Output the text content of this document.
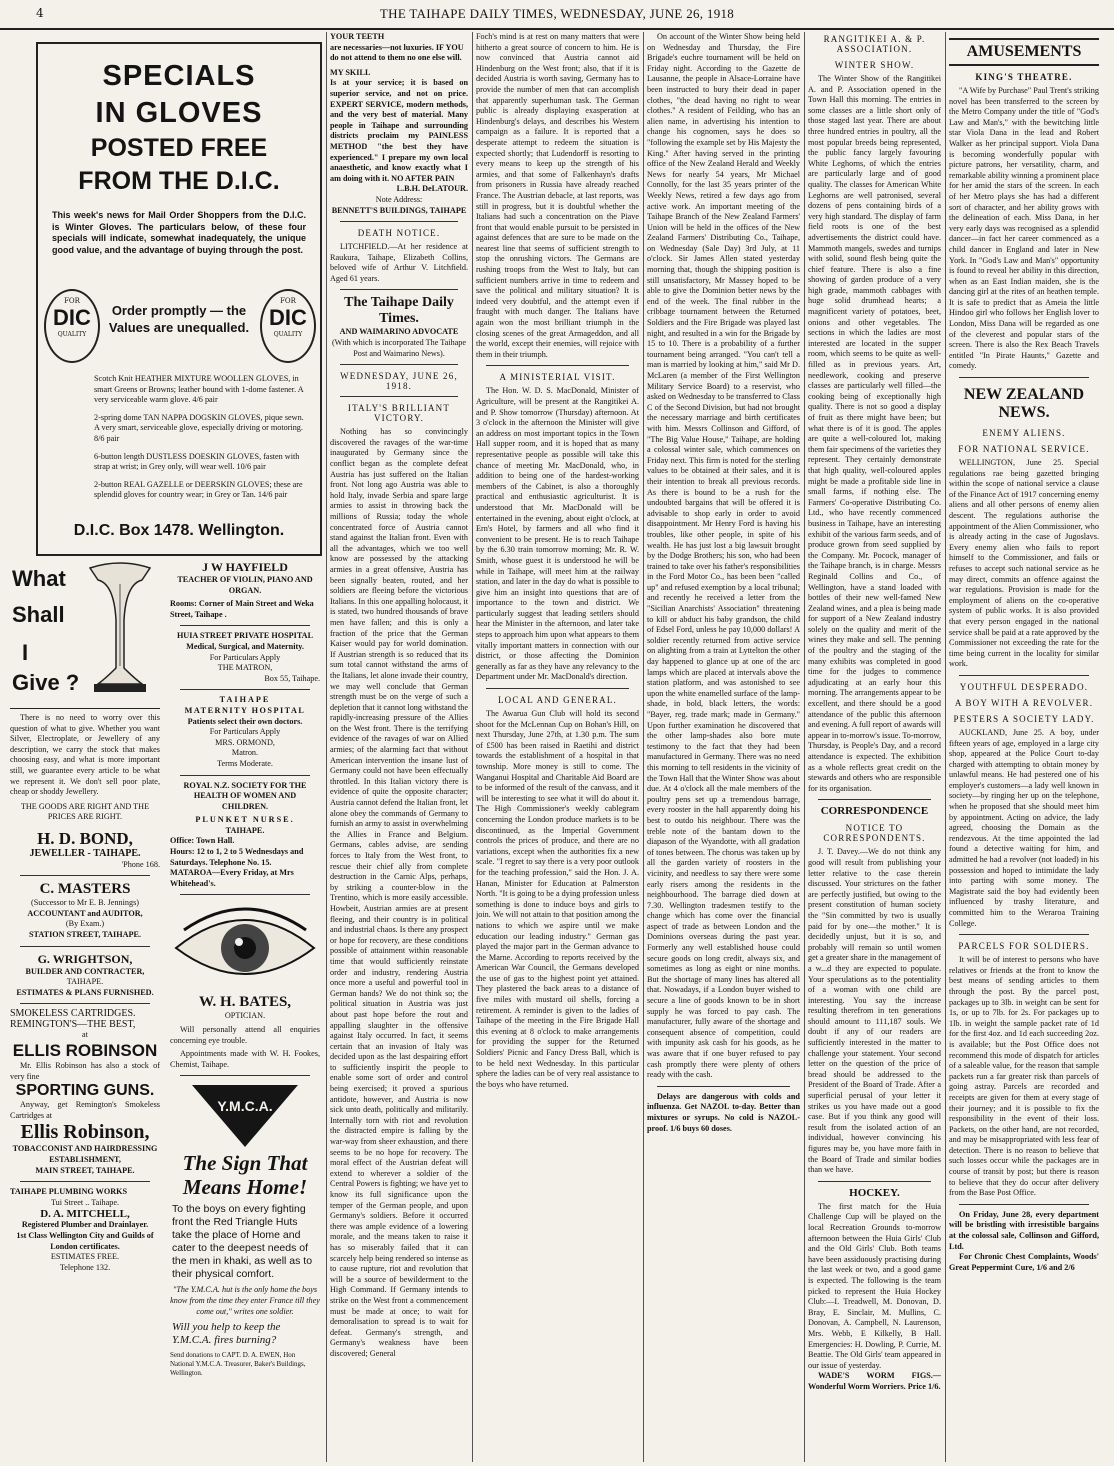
4	THE TAIHAPE DAILY TIMES, WEDNESDAY, JUNE 26, 1918
SPECIALS
IN GLOVES
POSTED FREE
FROM THE D.I.C.

This week's news for Mail Order Shoppers from the D.I.C. is Winter Gloves. The particulars below, of these four specials will indicate, somewhat inadequately, the unique good value, and the advantage of buying through the post.

FOR
DIC
QUALITY
FOR
DIC
QUALITY
Order promptly — the Values are unequalled.

Scotch Knit HEATHER MIXTURE WOOLLEN GLOVES, in smart Greens or Browns; leather bound with 1-dome fastener. A very serviceable warm glove. 4/6 pair

2-spring dome TAN NAPPA DOGSKIN GLOVES, pique sewn. A very smart, serviceable glove, especially driving or motoring. 8/6 pair

6-button length DUSTLESS DOESKIN GLOVES, fasten with strap at wrist; in Grey only, will wear well. 10/6 pair

2-button REAL GAZELLE or DEERSKIN GLOVES; these are splendid gloves for country wear; in Grey or Tan. 14/6 pair

D.I.C. Box 1478. Wellington.
What
Shall
I
Give ?

There is no need to worry over this question of what to give. Whether you want Silver, Electroplate, or Jewellery of any description, we carry the stock that makes choosing easy, and what is more important still, we guarantee every article to be what we represent it. We don't sell poor plate, cheap or shoddy Jewellery.

THE GOODS ARE RIGHT AND THE PRICES ARE RIGHT.

H. D. BOND,
JEWELLER - TAIHAPE.
'Phone 168.
C. MASTERS
(Successor to Mr E. B. Jennings)
ACCOUNTANT and AUDITOR,
(By Exam.)
STATION STREET, TAIHAPE.
G. WRIGHTSON,
BUILDER AND CONTRACTER,
TAIHAPE.
ESTIMATES & PLANS FURNISHED.
SMOKELESS CARTRIDGES.
REMINGTON'S—THE BEST,
at
ELLIS ROBINSON

Mr. Ellis Robinson has also a stock of very fine

SPORTING GUNS.

Anyway, get Remington's Smokeless Cartridges at

Ellis Robinson,
TOBACCONIST AND HAIRDRESSING ESTABLISHMENT,
MAIN STREET, TAIHAPE.
TAIHAPE PLUMBING WORKS
Tui Street .. Taihape.
D. A. MITCHELL,
Registered Plumber and Drainlayer.
1st Class Wellington City and Guilds of London certificates.
ESTIMATES FREE.
Telephone 132.
J W HAYFIELD
TEACHER OF VIOLIN, PIANO AND ORGAN.
Rooms: Corner of Main Street and Weka Street, Taihape .
HUIA STREET PRIVATE HOSPITAL
Medical, Surgical, and Maternity.
For Particulars Apply
THE MATRON,
Box 55, Taihape.
TAIHAPE
MATERNITY HOSPITAL
Patients select their own doctors.
For Particulars Apply
MRS. ORMOND,
Matron.
Terms Moderate.
ROYAL N.Z. SOCIETY FOR THE HEALTH OF WOMEN AND CHILDREN.
PLUNKET NURSE.
TAIHAPE.
Office: Town Hall.
Hours: 12 to 1, 2 to 5 Wednesdays and Saturdays. Telephone No. 15.
MATAROA—Every Friday, at Mrs Whitehead's.
W. H. BATES,
OPTICIAN.

Will personally attend all enquiries concerning eye trouble.

Appointments made with W. H. Fookes, Chemist, Taihape.

Y.M.C.A.
The Sign That
Means Home!

To the boys on every fighting front the Red Triangle Huts take the place of Home and cater to the deepest needs of the men in khaki, as well as to their physical comfort.

"The Y.M.C.A. hut is the only home the boys know from the time they enter France till they come out," writes one soldier.

Will you help to keep the Y.M.C.A. fires burning?

Send donations to CAPT. D. A. EWEN, Hon National Y.M.C.A. Treasurer, Baker's Buildings, Wellington.

YOUR TEETH

are necessaries—not luxuries. IF YOU do not attend to them no one else will.

MY SKILL

Is at your service; it is based on superior service, and not on price. EXPERT SERVICE, modern methods, and the very best of material. Many people in Taihape and surrounding districts proclaim my PAINLESS METHOD "the best they have experienced." I prepare my own local anaesthetic, and know exactly what I am doing with it. NO AFTER PAIN

L.B.H. DeLATOUR.
Note Address:
BENNETT'S BUILDINGS, TAIHAPE
DEATH NOTICE.

LITCHFIELD.—At her residence at Raukura, Taihape, Elizabeth Collins, beloved wife of Arthur V. Litchfield. Aged 61 years.

The Taihape Daily Times.
AND WAIMARINO ADVOCATE
(With which is incorporated The Taihape Post and Waimarino News).
WEDNESDAY, JUNE 26, 1918.
ITALY'S BRILLIANT VICTORY.

Nothing has so convincingly discovered the ravages of the war-time inaugurated by Germany since the conflict began as the complete defeat Austria has just suffered on the Italian front. Not long ago Austria was able to hold Italy, invade Serbia and spare large armies to assist in throwing back the millions of Russia; today the whole concentrated force of Austria cannot stand against the Italian front. Even with all the advantages, which we too well know are possessed by the attacking armies in a great offensive, Austria has been signally beaten, routed, and her soldiers are fleeing before the victorious Italians. In this one appalling holocaust, it is stated, two hundred thousands of brave men have fallen; and this is only a fraction of the price that the German Kaiser would pay for world domination. If Austrian strength is so reduced that its sum total cannot withstand the arms of the Italians, let alone invade their country, we may well conclude that German strength must be on the verge of such a depletion that it cannot long withstand the rapidly-increasing pressure of the Allies on the West front. There is the terrifying evidence of the ravages of war on Allied armies; of the alarming fact that without American intervention the insane lust of Germany could not have been effectually throttled. In this Italian victory there is evidence of quite the opposite character; Austria cannot defend the Italian front, let alone obey the commands of Germany to furnish an army to assist in overwhelming the Allies in France and Belgium. Germans, cables advise, are sending forces to Italy from the West front, to rescue their chief ally from complete destruction in the Carnic Alps, perhaps, by striking a counter-blow in the Trentino, which is more easily accessible. Howbeit, Austrian armies are at present fleeing, and their country is in political and industrial chaos. Is there any prospect or hope for recovery, are these conditions possible of attainment within reasonable time that would sufficiently reinstate order and industry, rendering Austria once more a useful and powerful tool in German hands? We do not think so; the political situation in Austria was just about past hope before the rout and appalling slaughter in the offensive against Italy occurred. In fact, it seems certain that an invasion of Italy was decided upon as the last despairing effort to sufficiently inspirit the people to enable some sort of order and control being exercised; it proved a spurious antidote, however, and Austria is now sick unto death, politically and militarily. Internally torn with riot and revolution the distracted empire is falling by the war-way from sheer exhaustion, and there seems to be no hope for recovery. The moral effect of the Austrian defeat will extend to wherever a soldier of the Central Powers is fighting; we have yet to know its full significance upon the temper of the German people, and upon Germany's soldiers. Before it occurred there was ample evidence of a lowering morale, and the means taken to raise it has so miserably failed that it can scarcely help being rendered so intense as to cause rupture, riot and revolution that will be a source of bewilderment to the High Command. If Germany intends to strike on the West front a commencement must be made at once; to wait for demoralisation to spread is to wait for defeat. Germany's strength, and Germany's weakness have been discovered; General

Foch's mind is at rest on many matters that were hitherto a great source of concern to him. He is now convinced that Austria cannot aid Hindenburg on the West front; also, that if it is decided Austria is worth saving, Germany has to provide the number of men that can accomplish that apparently superhuman task. The German public is already displaying exasperation at Hindenburg's delays, and describes his Western campaign as a failure. It is reported that a desperate attempt to redeem the situation is expected shortly; that Ludendorff is resorting to every means to keep up the strength of his armies, and that some of Falkenhayn's drafts from prisoners in Russia have already reached France. The Austrian debacle, at last reports, was still in progress, but it is doubtful whether the Italians had such a concentration on the Piave front that would enable pursuit to be persisted in against defences that are sure to be made on the nearest line that seems of sufficient strength to stop the onrushing victors. The Germans are rushing troops from the West to Italy, but can sufficient numbers arrive in time to redeem and save the political and military situation? It is indeed very doubtful, and the attempt even if fraught with much danger. The Italians have again won the most brilliant triumph in the closing scenes of the great Armageddon, and all the world, except their enemies, will rejoice with them in their triumph.

A MINISTERIAL VISIT.

The Hon. W. D. S. MacDonald, Minister of Agriculture, will be present at the Rangitikei A. and P. Show tomorrow (Thursday) afternoon. At 3 o'clock in the afternoon the Minister will give an address on most important topics in the Town Hall supper room, and it is hoped that as many representative people as possible will take this chance of meeting Mr. MacDonald, who, in addition to being one of the hardest-working members of the Cabinet, is also a thoroughly practical and enthusiastic agriculturist. It is understood that Mr. MacDonald will be entertained in the evening, about eight o'clock, at Ern's Hotel, by farmers and all who find it convenient to be present. He is to reach Taihape by the 6.30 train tomorrow morning; Mr. R. W. Smith, whose guest it is understood he will be while in Taihape, will meet him at the railway station, and later in the day do what is possible to give him an insight into questions that are of importance to the town and district. We particularly suggest that leading settlers should hear the Minister in the afternoon, and later take steps to approach him upon what appears to them vitally important matters in connection with our district, or those affecting the Dominion generally as far as they have any relevancy to the Department under Mr. MacDonald's direction.

LOCAL AND GENERAL.

The Awarua Gun Club will hold its second shoot for the McLennan Cup on Bohan's Hill, on next Thursday, June 27th, at 1.30 p.m. The sum of £500 has been raised in Raetihi and district towards the establishment of a hospital in that township. More money is still to come. The Wanganui Hospital and Charitable Aid Board are to be informed of the result of the canvass, and it will be interesting to see what it will do about it. The High Commissioner's weekly cablegram concerning the London produce markets is to be discontinued, as the Imperial Government controls the prices of produce, and there are no variations, except when the authorities fix a new scale. "I regret to say there is a very poor outlook for the teaching profession," said the Hon. J. A. Hanan, Minister for Education at Palmerston North. "It is going to be a dying profession unless something is done to induce boys and girls to join. We will not attain to that position among the nations to which we aspire until we make education our leading industry." German gas played the major part in the German advance to the Marne. According to reports received by the American War Council, the Germans developed the use of gas to the highest point yet attained. They plastered the back areas to a distance of five miles with mustard oil shells, forcing a retirement. A reminder is given to the ladies of Taihape of the meeting in the Fire Brigade Hall this evening at 8 o'clock to make arrangements for providing the supper for the Returned Soldiers' Picnic and Fancy Dress Ball, which is to be held next Wednesday. In this particular sphere the ladies can be of very real assistance to the boys who have returned.

On account of the Winter Show being held on Wednesday and Thursday, the Fire Brigade's euchre tournament will be held on Friday night. According to the Gazette de Lausanne, the people in Alsace-Lorraine have been instructed to bury their dead in paper clothes, "the dead having no right to wear clothes." A resident of Feilding, who has an alien name, in advertising his intention to change his cognomen, says he does so "following the example set by His Majesty the King." After having served in the printing office of the New Zealand Herald and Weekly News for nearly 54 years, Mr Michael Connolly, for the last 35 years printer of the Weekly News, retired a few days ago from active work. An important meeting of the Taihape Branch of the New Zealand Farmers' Union will be held in the offices of the New Zealand Farmers' Distributing Co., Taihape, on Wednesday (Sale Day) 3rd July, at 11 o'clock. Sir James Allen stated yesterday morning that, though the shipping position is still unsatisfactory, Mr Massey hoped to be able to give the Dominion better news by the end of the week. The final rubber in the cribbage tournament between the Returned Soldiers and the Fire Brigade was played last night, and resulted in a win for the Brigade by 15 to 10. There is a probability of a further tournament being arranged. "You can't tell a man is married by looking at him," said Mr D. McLaren (a member of the First Wellington Military Service Board) to a reservist, who asked on Wednesday to be transferred to Class C of the Second Division, but had not brought the necessary marriage and birth certificates with him. Messrs Collinson and Gifford, of "The Big Value House," Taihape, are holding a colossal winter sale, which commences on Friday next. This firm is noted for the sterling values to be obtained at their sales, and it is their intention to break all previous records. As there is bound to be a rush for the undoubted bargains that will be offered it is advisable to shop early in order to avoid disappointment. Mr Henry Ford is having his troubles, like other people, in spite of his wealth. He has just lost a big lawsuit brought by the Dodge Brothers; his son, who had been trained to take over his father's responsibilities in the Ford Motor Co., has been been "called up" and refused exemption by a local tribunal; and recently he received a letter from the "Sicilian Anarchists' Association" threatening to kill or abduct his baby grandson, the child of Edsel Ford, unless he pay 10,000 dollars! A soldier recently returned from active service on alighting from a train at Lyttelton the other day happened to glance up at one of the arc lamps which are placed at intervals above the station platform, and was astonished to see upon the white enamelled surface of the lamp-shade, in bold, black letters, the words: "Bayer, reg. trade mark; made in Germany." Upon further examination he discovered that the other lamp-shades also bore mute testimony to the fact that they had been manufactured in Germany. There was no need this morning to tell residents in the vicinity of the Town Hall that the Winter Show was about due. At 4 o'clock all the male members of the poultry pens set up a tremendous barrage, every rooster in the hall apparently doing his best to outdo his neighbour. There was the treble note of the bantam down to the diapason of the Wyandotte, with all gradation of tones between. The chorus was taken up by all the garden variety of roosters in the vicinity, and needless to say there were some early risers among the residents in the neighbourhood. The barrage died down at 7.30. Wellington tradesmen testify to the change which has come over the financial aspect of trade as between London and the Dominions overseas during the past year. Formerly any well established house could secure goods on long credit, always six, and sometimes as long as eight or nine months. But the shortage of many lines has altered all that. Nowadays, if a London buyer wished to secure a line of goods known to be in short supply he was forced to pay cash. The manufacturer, fully aware of the shortage and consequent absence of competition, could with impunity ask cash for his goods, as he was aware that if one buyer refused to pay cash promptly there were plenty of others ready with the cash.

Delays are dangerous with colds and influenza. Get NAZOL to-day. Better than mixtures or syrups. No cold is NAZOL-proof. 1/6 buys 60 doses.

RANGITIKEI A. & P. ASSOCIATION.
WINTER SHOW.

The Winter Show of the Rangitikei A. and P. Association opened in the Town Hall this morning. The entries in some classes are a little short only of those staged last year. There are about three hundred entries in poultry, all the most popular breeds being represented, the public fancy largely favouring White Leghorns, of which the entries are particularly large and of good quality. The classes for American White Leghorns are well patronised, several dozens of pens containing birds of a very high standard. The display of farm field roots is one of the best advertisements the district could have. Mammoth mangels, swedes and turnips with solid, sound flesh being quite the chief feature. There is also a fine showing of garden produce of a very high grade, mammoth cabbages with huge solid drumhead hearts; a magnificent variety of potatoes, beet, onions and other vegetables. The sections in which the ladies are most interested are located in the supper room, which seems to be quite as well-filled as in previous years. Art, needlework, cooking and preserve classes are particularly well filled—the cooking being of exceptionally high quality. There is not so good a display of fruit as there might have been; but what there is of it is good. The apples are quite a well-coloured lot, making them fair specimens of the varieties they represent. They certainly demonstrate that high quality, well-coloured apples might be made a profitable side line in small farms, if nothing else. The Farmers' Co-operative Distributing Co. Ltd., who have recently commenced business in Taihape, have an interesting exhibit of the various farm seeds, and of produce grown from seed supplied by the Company. Mr. Pocock, manager of the Taihape branch, is in charge. Messrs Reginald Collins and Co., of Wellington, have a stand loaded with bottles of their new well-famed New Zealand wines, and a plea is being made for support of a New Zealand industry solely on the quality and merit of the wines they make and sell. The penning of the poultry and the staging of the many exhibits was completed in good time for the judges to commence adjudicating at an early hour this morning. The arrangements appear to be excellent, and there should be a good attendance of the public this afternoon and evening. A full report of awards will appear in to-morrow's issue. To-morrow, Thursday, is People's Day, and a record attendance is expected. The exhibition as a whole reflects great credit on the stewards and others who are responsible for its organisation.

CORRESPONDENCE
NOTICE TO CORRESPONDENTS.

J. T. Davey.—We do not think any good will result from publishing your letter relative to the case therein discussed. Your strictures on the father are perfectly justified, but owing to the present constitution of human society the "Sin committed by two is usually paid for by one—the mother." It is decidedly unjust, but it is so, and probably will remain so until women get a greater share in the management of a w...d they are expected to populate. Your speculations as to the potentiality of a woman with one child are interesting. You say the increase resulting therefrom in ten generations should amount to 111,187 souls. We doubt if any of our readers are sufficiently interested in the matter to challenge your statement. Your second letter on the question of the price of bread should be addressed to the President of the Board of Trade. After a superficial perusal of your letter it strikes us you have made out a good case. But if you think any good will result from the isolated action of an individual, however convincing his figures may be, you have more faith in the Board of Trade and similar bodies than we have.

HOCKEY.

The first match for the Huia Challenge Cup will be played on the local Recreation Grounds to-morrow afternoon between the Huia Girls' Club and the Old Girls' Club. Both teams have been assiduously practising during the last week or two, and a good game is expected. The following is the team picked to represent the Huia Hockey Club:—I. Treadwell, M. Donovan, D. Bray, E. Sinclair, M. Mullins, C. Donovan, A. Campbell, N. Laurenson, Mrs. Webb, E Kilkelly, B Hall. Emergencies: H. Dowling, P. Currie, M. Beattie. The Old Girls' team appeared in our issue of yesterday.

WADE'S WORM FIGS.—Wonderful Worm Worriers. Price 1/6.

AMUSEMENTS
KING'S THEATRE.

"A Wife by Purchase" Paul Trent's striking novel has been transferred to the screen by the Metro Company under the title of "God's Law and Man's," with the bewitching little star Viola Dana in the lead and Robert Walker as her principal support. Viola Dana is becoming wonderfully popular with picture patrons, her versatility, charm, and remarkable ability winning a prominent place for her amid the stars of the screen. In each of her Metro plays she has had a different sort of character, and her ability grows with the delineation of each. Miss Dana, in her very early days was recognised as a splendid dancer—in fact her career commenced as a child dancer in England and later in New York. In "God's Law and Man's" opportunity is found to reveal her ability in this direction, when as an East Indian maiden, she is the dancing girl at the rites of an heathen temple. It is safe to predict that as Ameia the little Hindoo girl who follows her English lover to London, Miss Dana will be regarded as one of the cleverest and popular stars of the screen. There is also the Rex Beach Travels entitled "In Pirate Haunts," Gazette and comedy.

NEW ZEALAND NEWS.
ENEMY ALIENS.
FOR NATIONAL SERVICE.

WELLINGTON, June 25. Special regulations rae being gazetted bringing within the scope of national service a clause of the Finance Act of 1917 concerning enemy aliens and all other persons of enemy alien descent. The regulations authorise the appointment of the Alien Commissioner, who is already acting in the case of Jugoslavs. Every enemy alien who fails to report himself to the Commissioner, and fails or refuses to accept such national service as he may direct, commits an offence against the war regulations. Provision is made for the employment of aliens on the co-operative system of public works. It is also provided that every person engaged in the national service shall be paid at a rate approved by the Commissioner not exceeding the rate for the time being current in the locality for similar work.

YOUTHFUL DESPERADO.
A BOY WITH A REVOLVER.
PESTERS A SOCIETY LADY.

AUCKLAND, June 25. A boy, under fifteen years of age, employed in a large city shop, appeared at the Police Court to-day charged with attempting to obtain money by unlawful means. He had pestered one of his employer's customers—a lady well known in society—by ringing her up on the telephone, when he proposed that she should meet him by appointment. Acting on advice, the lady agreed, choosing the Domain as the rendezvous. At the time appointed the lad found a detective waiting for him, and admitted he had a revolver (not loaded) in his possession and hoped to intimidate the lady into parting with some money. The Magistrate said the boy had evidently been influenced by trashy literature, and committed him to the Weraroa Training College.

PARCELS FOR SOLDIERS.

It will be of interest to persons who have relatives or friends at the front to know the best means of sending articles to them through the post. By the parcel post, packages up to 3lb. in weight can be sent for 1s, or up to 7lb. for 2s. For packages up to 1lb. in weight the sample packet rate of 1d for the first 4oz. and 1d each succeeding 2oz. is available; but the Post Office does not recommend this mode of dispatch for articles of a saleable value, for the reason that sample packets run a far greater risk than parcels of going astray. Parcels are recorded and receipts are given for them at every stage of their journey; and it is possible to fix the responsibility in the event of their loss. Packets, on the other hand, are not recorded, and may be misappropriated with less fear of detection. There is no reason to believe that such losses occur while the packages are in course of transit by post; but there is reason to believe that they do occur after delivery from the Base Post Office.

On Friday, June 28, every department will be bristling with irresistible bargains at the colossal sale, Collinson and Gifford, Ltd.

For Chronic Chest Complaints, Woods' Great Peppermint Cure, 1/6 and 2/6
